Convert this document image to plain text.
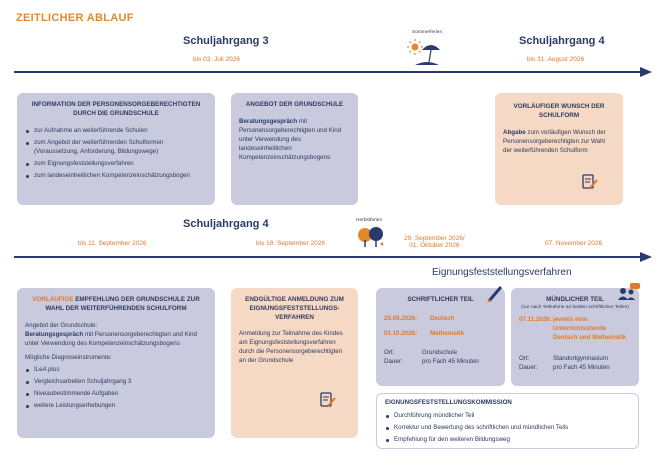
ZEITLICHER ABLAUF
Schuljahrgang 3
bis 03. Juli 2026
Sommerferien
Schuljahrgang 4
bis 31. August 2026
INFORMATION DER PERSONENSORGEBERECHTIGTEN DURCH DIE GRUNDSCHULE
zur Aufnahme an weiterführende Schulen
zum Angebot der weiterführenden Schulformen (Voraussetzung, Anforderung, Bildungswege)
zum Eignungsfeststellungsverfahren
zum landeseinheitlichen Kompetenzeinschätzungsbogen
ANGEBOT DER GRUNDSCHULE
Beratungsgespräch mit Personensorgeberechtigten und Kind unter Verwendung des landeseinheitlichen Kompetenzeinschätzungsbogens
VORLÄUFIGER WUNSCH DER SCHULFORM
Abgabe zum vorläufigen Wunsch der Personensorgeberechtigten zur Wahl der weiterführenden Schulform
Schuljahrgang 4	Herbstferien
bis 11. September 2026	bis 18. September 2026
29. September 2026/
01. Oktober 2026	07. November 2026
Eignungsfeststellungsverfahren
VORLÄUFIGE EMPFEHLUNG DER GRUNDSCHULE ZUR WAHL DER WEITERFÜHRENDEN SCHULFORM
Angebot der Grundschule:
Beratungsgespräch mit Personensorgeberechtigten und Kind unter Verwendung des Kompetenzeinschätzungsbogens
Mögliche Diagnoseinstrumente:
ILeA plus
Vergleichsarbeiten Schuljahrgang 3
Niveaubestimmende Aufgaben
weitere Leistungserhebungen
ENDGÜLTIGE ANMELDUNG ZUM EIGNUNGSFESTSTELLUNGS-VERFAHREN
Anmeldung zur Teilnahme des Kindes am Eignungsfeststellungsverfahren durch die Personensorgeberechtigten an der Grundschule
SCHRIFTLICHER TEIL
29.09.2026:	Deutsch
01.10.2026:	Mathematik
Ort:	Grundschule
Dauer:	pro Fach 45 Minuten
MÜNDLICHER TEIL
(nur nach Teilnahme an beiden schriftlichen Teilen)
07.11.2026: jeweils eine Unterrichtsstunde Deutsch und Mathematik
Ort:	Standortgymnasium
Dauer:	pro Fach 45 Minuten
EIGNUNGSFESTSTELLUNGSKOMMISSION
Durchführung mündlicher Teil
Korrektur und Bewertung des schriftlichen und mündlichen Teils
Empfehlung für den weiteren Bildungsweg
